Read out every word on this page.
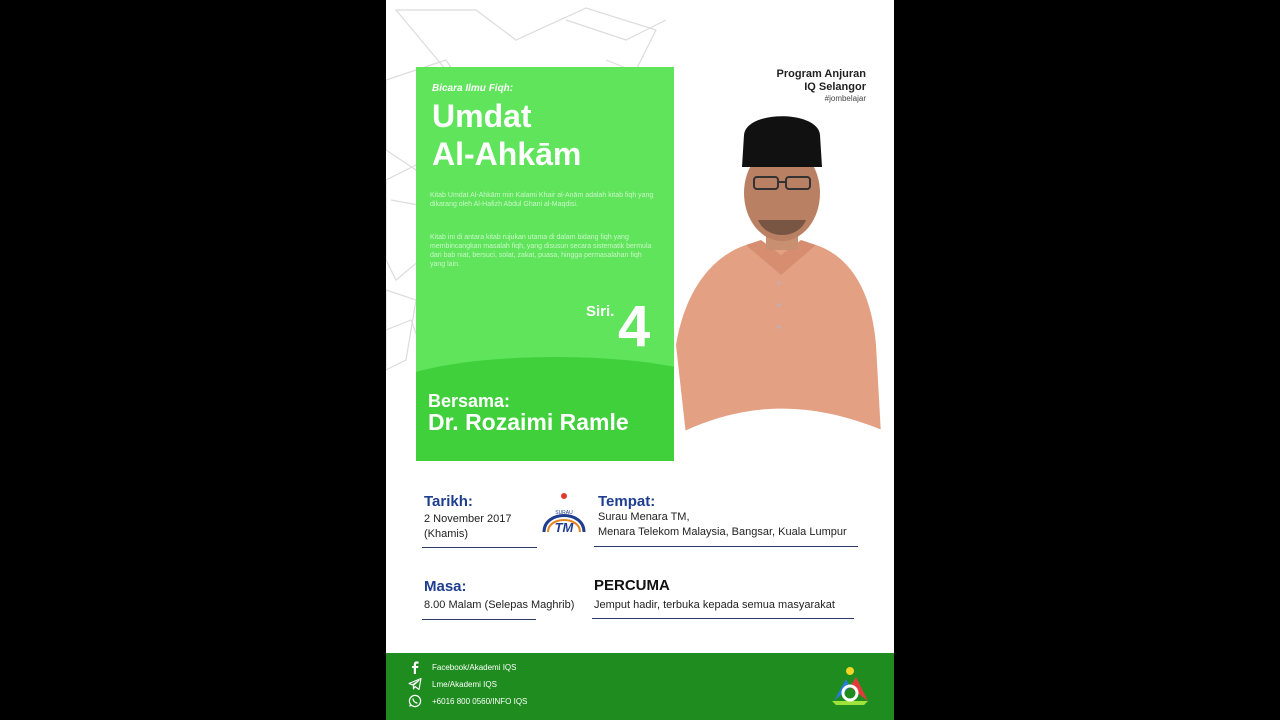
Bicara Ilmu Fiqh:
Umdat
Al-Ahkām
Kitab Umdat Al-Ahkām min Kalami Khair al-Anām adalah kitab fiqh yang dikarang oleh Al-Hafizh Abdul Ghani al-Maqdisi.
Kitab ini di antara kitab rujukan utama di dalam bidang fiqh yang membincangkan masalah fiqh, yang disusun secara sistematik bermula dari bab niat, bersuci, solat, zakat, puasa, hingga permasalahan fiqh yang lain.
Siri. 4
Bersama:
Dr. Rozaimi Ramle
Program Anjuran
IQ Selangor
#jombelajar
Tarikh:
2 November 2017
(Khamis)
SURAU
TM
Tempat:
Surau Menara TM,
Menara Telekom Malaysia, Bangsar, Kuala Lumpur
Masa:
8.00 Malam (Selepas Maghrib)
PERCUMA
Jemput hadir, terbuka kepada semua masyarakat
Facebook/Akademi IQS
Lme/Akademi IQS
+6016 800 0560/INFO IQS
